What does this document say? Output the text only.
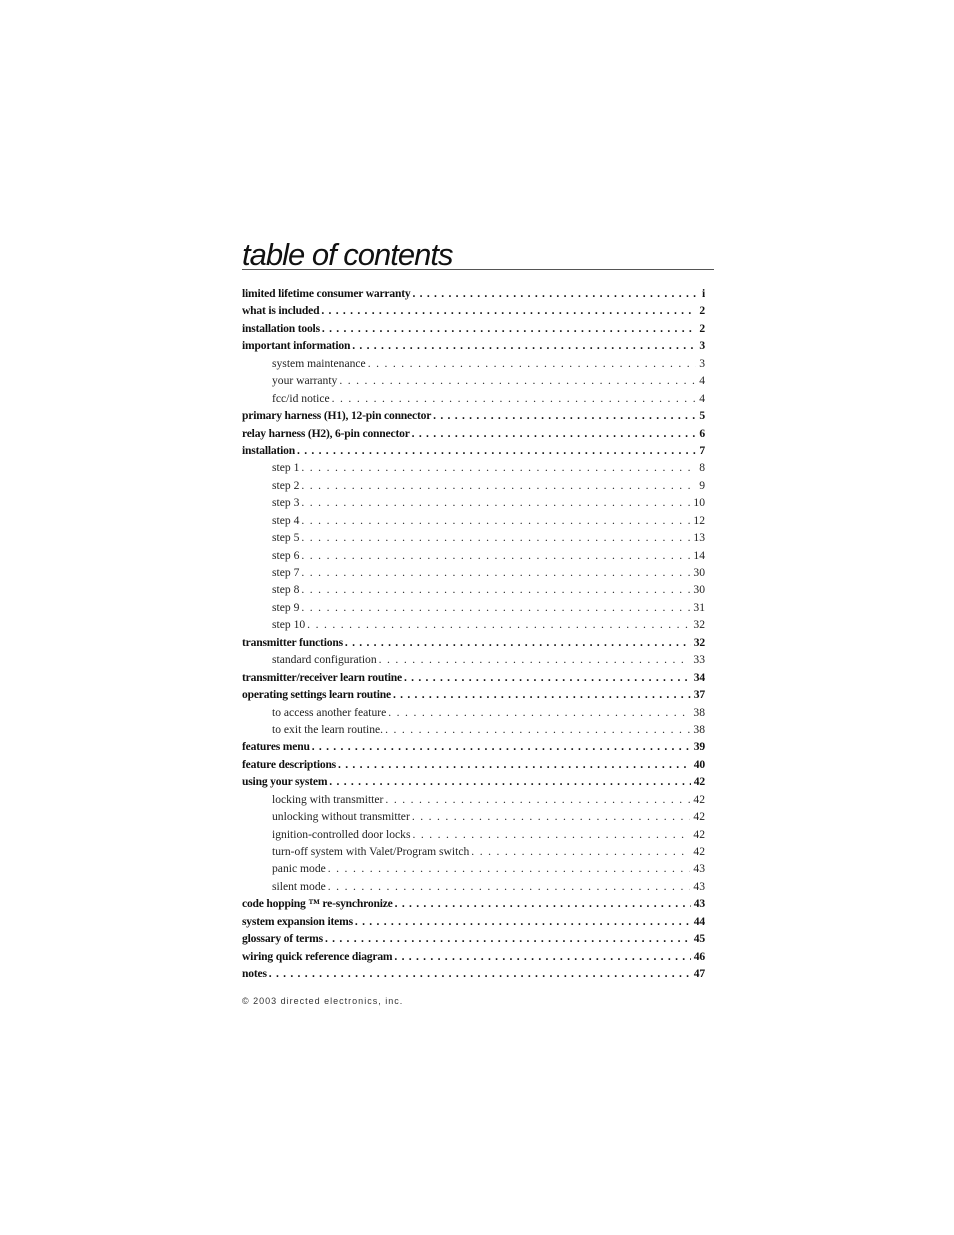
table of contents
limited lifetime consumer warranty . . .	i
what is included . . .	2
installation tools . . .	2
important information . . .	3
system maintenance . . .	3
your warranty . . .	4
fcc/id notice . . .	4
primary harness (H1), 12-pin connector . . .	5
relay harness (H2), 6-pin connector . . .	6
installation . . .	7
step 1 . . .	8
step 2 . . .	9
step 3 . . .	10
step 4 . . .	12
step 5 . . .	13
step 6 . . .	14
step 7 . . .	30
step 8 . . .	30
step 9 . . .	31
step 10 . . .	32
transmitter functions . . .	32
standard configuration . . .	33
transmitter/receiver learn routine . . .	34
operating settings learn routine . . .	37
to access another feature . . .	38
to exit the learn routine. . . .	38
features menu . . .	39
feature descriptions . . .	40
using your system . . .	42
locking with transmitter . . .	42
unlocking without transmitter . . .	42
ignition-controlled door locks . . .	42
turn-off system with Valet/Program switch . . .	42
panic mode . . .	43
silent mode . . .	43
code hopping ™ re-synchronize . . .	43
system expansion items . . .	44
glossary of terms . . .	45
wiring quick reference diagram . . .	46
notes . . .	47
© 2003 directed electronics, inc.
